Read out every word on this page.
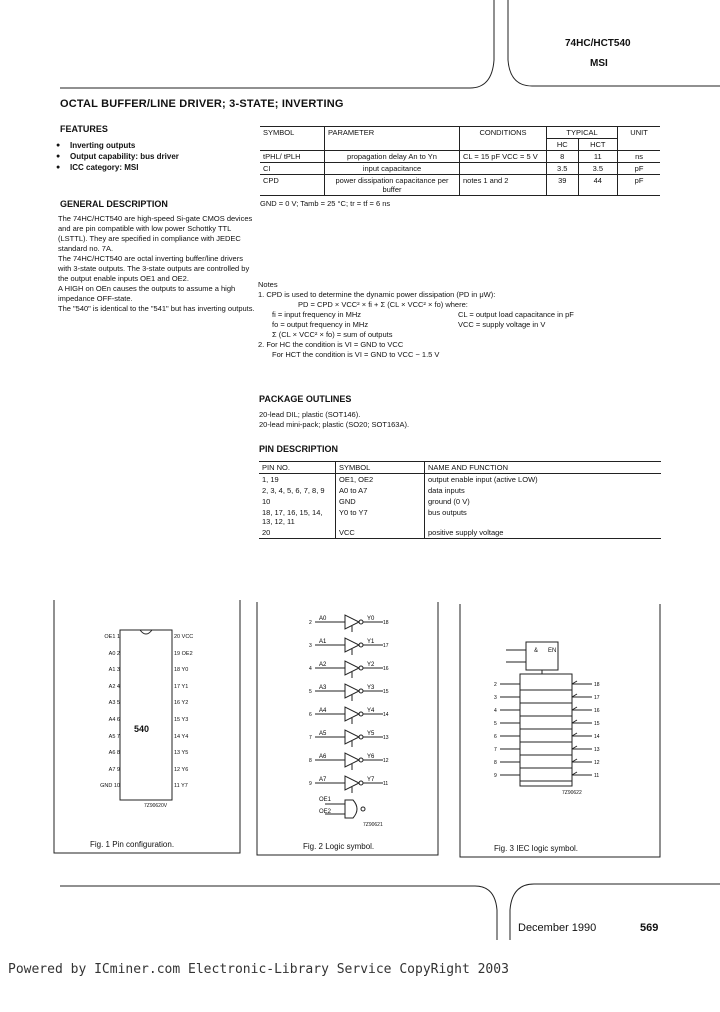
74HC/HCT540
MSI
OCTAL BUFFER/LINE DRIVER; 3-STATE; INVERTING
FEATURES
● Inverting outputs
● Output capability: bus driver
● ICC category: MSI
GENERAL DESCRIPTION

The 74HC/HCT540 are high-speed Si-gate CMOS devices and are pin compatible with low power Schottky TTL (LSTTL). They are specified in compliance with JEDEC standard no. 7A.

The 74HC/HCT540 are octal inverting buffer/line drivers with 3-state outputs. The 3-state outputs are controlled by the output enable inputs OE1 and OE2.

A HIGH on OEn causes the outputs to assume a high impedance OFF-state.

The "540" is identical to the "541" but has inverting outputs.

SYMBOL	PARAMETER	CONDITIONS	TYPICAL		UNIT
			HC	HCT	
tPHL/ tPLH	propagation delay An to Yn	CL = 15 pF VCC = 5 V	8	11	ns
CI	input capacitance		3.5	3.5	pF
CPD	power dissipation capacitance per buffer	notes 1 and 2	39	44	pF
GND = 0 V; Tamb = 25 °C; tr = tf = 6 ns
Notes
1. CPD is used to determine the dynamic power dissipation (PD in μW):
PD = CPD × VCC² × fi + Σ (CL × VCC² × fo) where:
fi = input frequency in MHz	CL = output load capacitance in pF
fo = output frequency in MHz	VCC = supply voltage in V
Σ (CL × VCC² × fo) = sum of outputs
2. For HC the condition is VI = GND to VCC
For HCT the condition is VI = GND to VCC − 1.5 V
PACKAGE OUTLINES
20-lead DIL; plastic (SOT146).
20-lead mini-pack; plastic (SO20; SOT163A).
PIN DESCRIPTION
PIN NO.	SYMBOL	NAME AND FUNCTION
1, 19	OE1, OE2	output enable input (active LOW)
2, 3, 4, 5, 6, 7, 8, 9	A0 to A7	data inputs
10	GND	ground (0 V)
18, 17, 16, 15, 14, 13, 12, 11	Y0 to Y7	bus outputs
20	VCC	positive supply voltage
OE1 1
A0 2
A1 3
A2 4
A3 5
A4 6
A5 7
A6 8
A7 9
GND 10
20 VCC
19 OE2
18 Y0
17 Y1
16 Y2
15 Y3
14 Y4
13 Y5
12 Y6
11 Y7
540
7Z90620V
Fig. 1 Pin configuration.
A0
2
Y0
18
A1
3
Y1
17
A2
4
Y2
16
A3
5
Y3
15
A4
6
Y4
14
A5
7
Y5
13
A6
8
Y6
12
A7
9
Y7
11
OE1
OE2
7Z90621
Fig. 2 Logic symbol.
2	18
3	17
4	16
5	15
6	14
7	13
8	12
9	11
& EN
7Z90622
Fig. 3 IEC logic symbol.
December 1990	569
Powered by ICminer.com Electronic-Library Service CopyRight 2003
